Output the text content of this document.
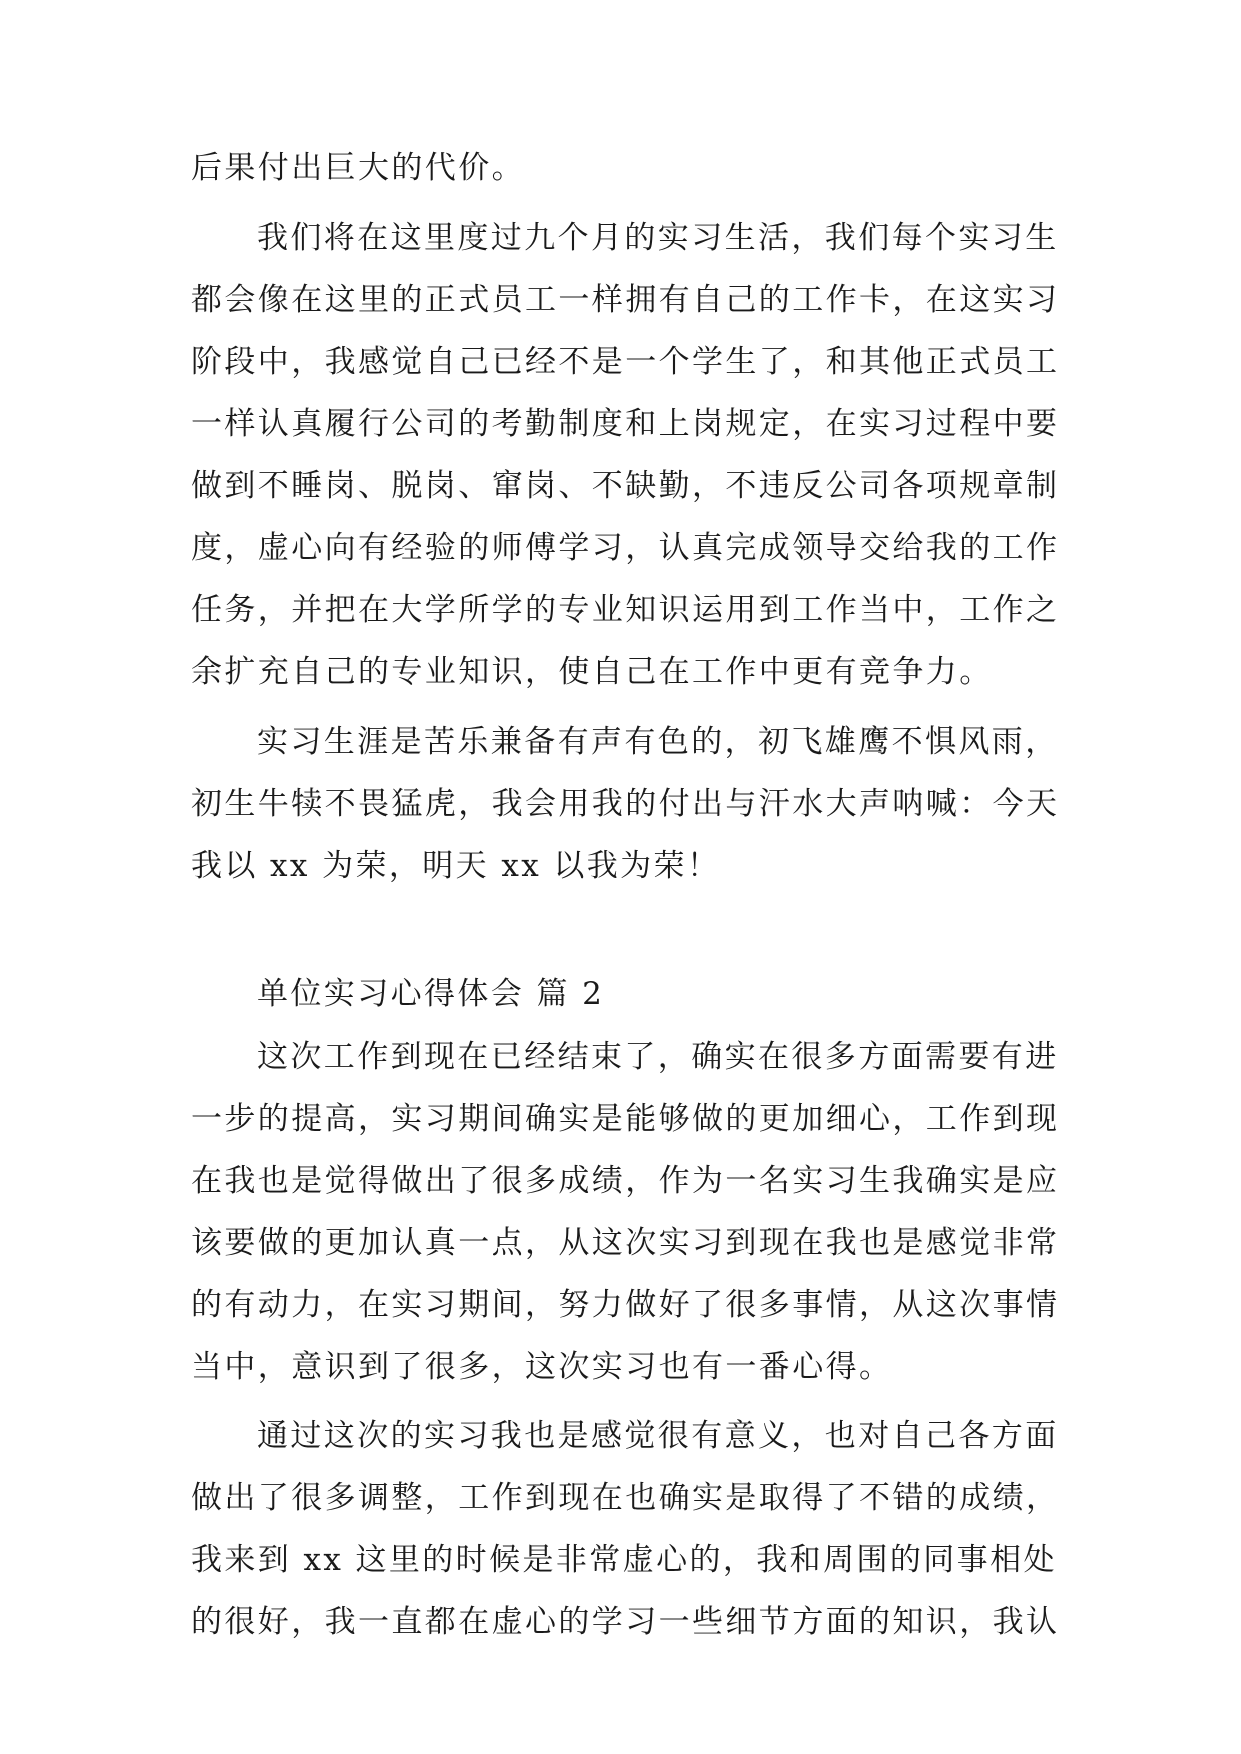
后果付出巨大的代价。

我们将在这里度过九个月的实习生活，我们每个实习生

都会像在这里的正式员工一样拥有自己的工作卡，在这实习

阶段中，我感觉自己已经不是一个学生了，和其他正式员工

一样认真履行公司的考勤制度和上岗规定，在实习过程中要

做到不睡岗、脱岗、窜岗、不缺勤，不违反公司各项规章制

度，虚心向有经验的师傅学习，认真完成领导交给我的工作

任务，并把在大学所学的专业知识运用到工作当中，工作之

余扩充自己的专业知识，使自己在工作中更有竞争力。

实习生涯是苦乐兼备有声有色的，初飞雄鹰不惧风雨，

初生牛犊不畏猛虎，我会用我的付出与汗水大声呐喊：今天

我以 xx 为荣，明天 xx 以我为荣！

单位实习心得体会 篇 2

这次工作到现在已经结束了，确实在很多方面需要有进

一步的提高，实习期间确实是能够做的更加细心，工作到现

在我也是觉得做出了很多成绩，作为一名实习生我确实是应

该要做的更加认真一点，从这次实习到现在我也是感觉非常

的有动力，在实习期间，努力做好了很多事情，从这次事情

当中，意识到了很多，这次实习也有一番心得。

通过这次的实习我也是感觉很有意义，也对自己各方面

做出了很多调整，工作到现在也确实是取得了不错的成绩，

我来到 xx 这里的时候是非常虚心的，我和周围的同事相处

的很好，我一直都在虚心的学习一些细节方面的知识，我认
